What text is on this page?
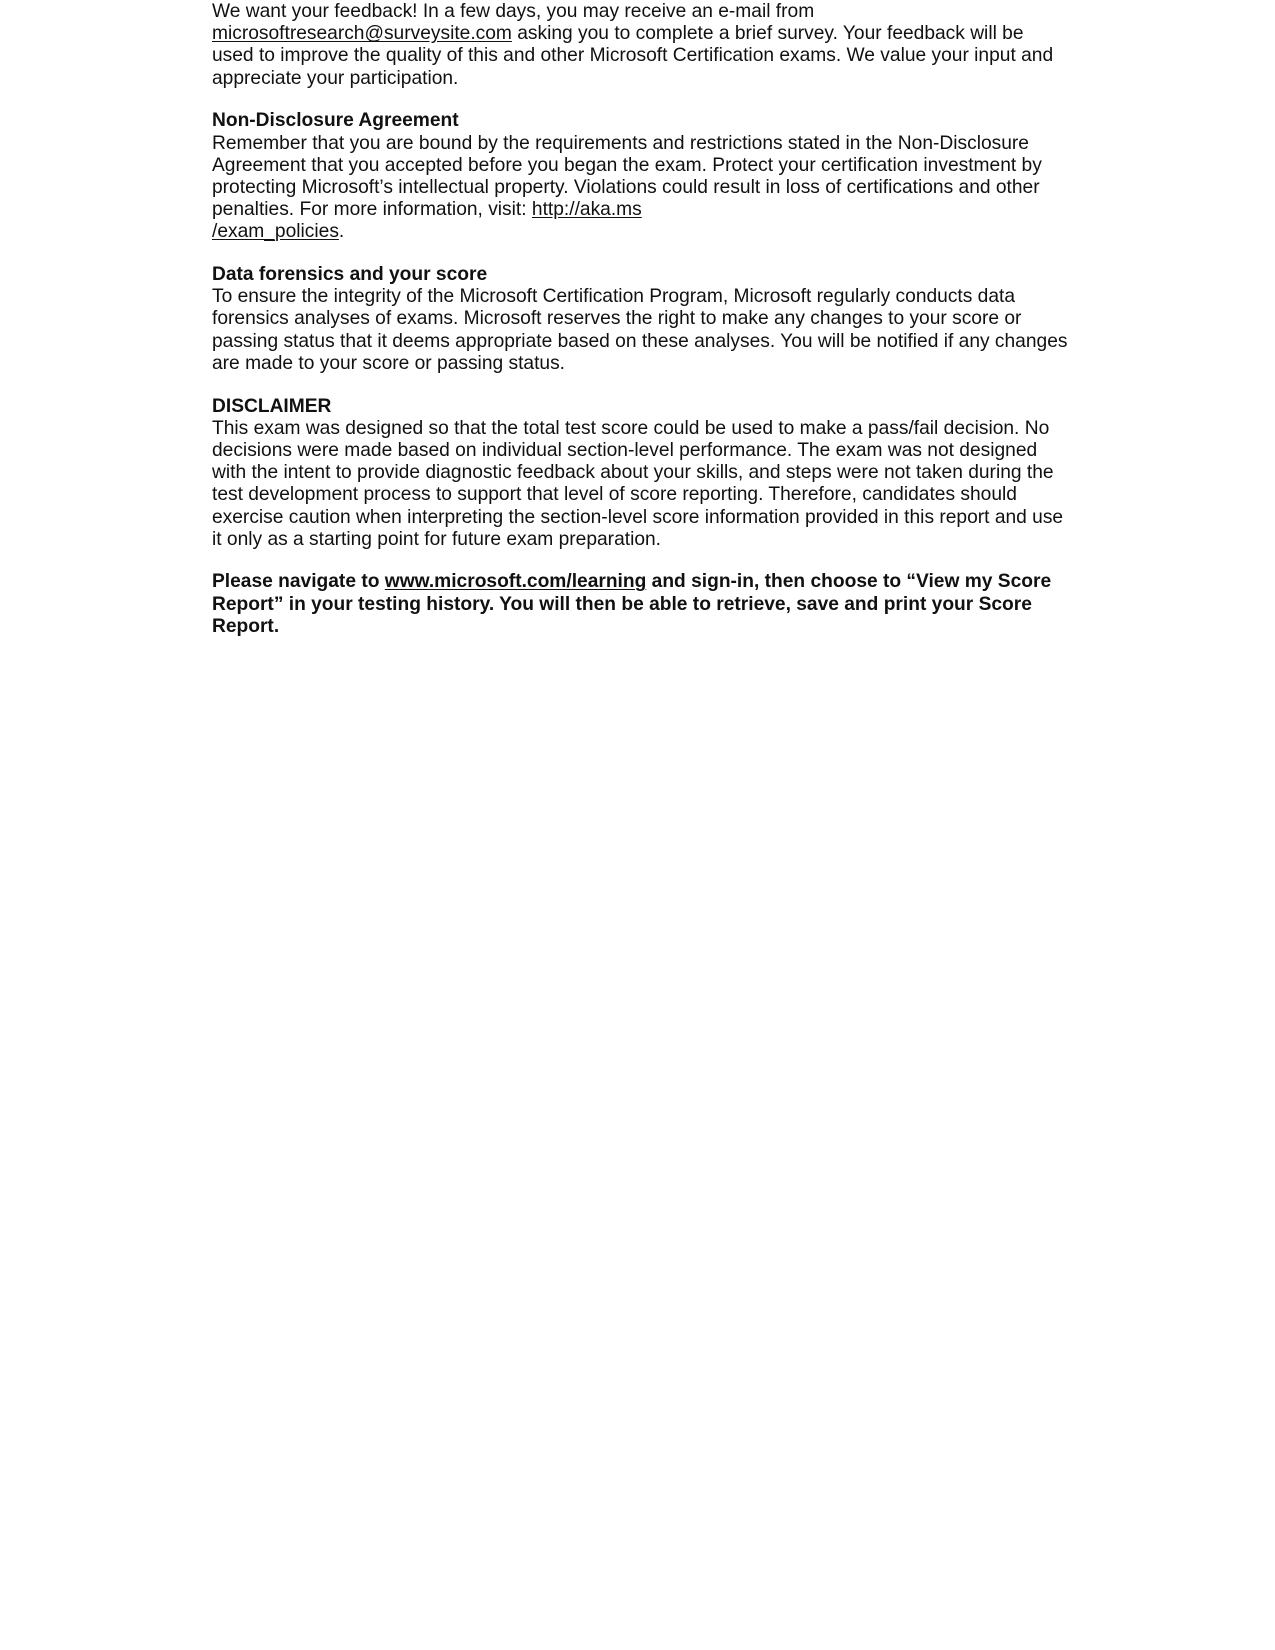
We want your feedback! In a few days, you may receive an e-mail from
microsoftresearch@surveysite.com asking you to complete a brief survey. Your feedback will be used to improve the quality of this and other Microsoft Certification exams. We value your input and appreciate your participation.

Non-Disclosure Agreement

Remember that you are bound by the requirements and restrictions stated in the Non-Disclosure Agreement that you accepted before you began the exam. Protect your certification investment by protecting Microsoft’s intellectual property. Violations could result in loss of certifications and other penalties. For more information, visit: http://aka.ms
/exam_policies.

Data forensics and your score

To ensure the integrity of the Microsoft Certification Program, Microsoft regularly conducts data forensics analyses of exams. Microsoft reserves the right to make any changes to your score or passing status that it deems appropriate based on these analyses. You will be notified if any changes are made to your score or passing status.

DISCLAIMER

This exam was designed so that the total test score could be used to make a pass/fail decision. No decisions were made based on individual section-level performance. The exam was not designed with the intent to provide diagnostic feedback about your skills, and steps were not taken during the test development process to support that level of score reporting. Therefore, candidates should exercise caution when interpreting the section-level score information provided in this report and use it only as a starting point for future exam preparation.

Please navigate to www.microsoft.com/learning and sign-in, then choose to “View my Score Report” in your testing history. You will then be able to retrieve, save and print your Score Report.
